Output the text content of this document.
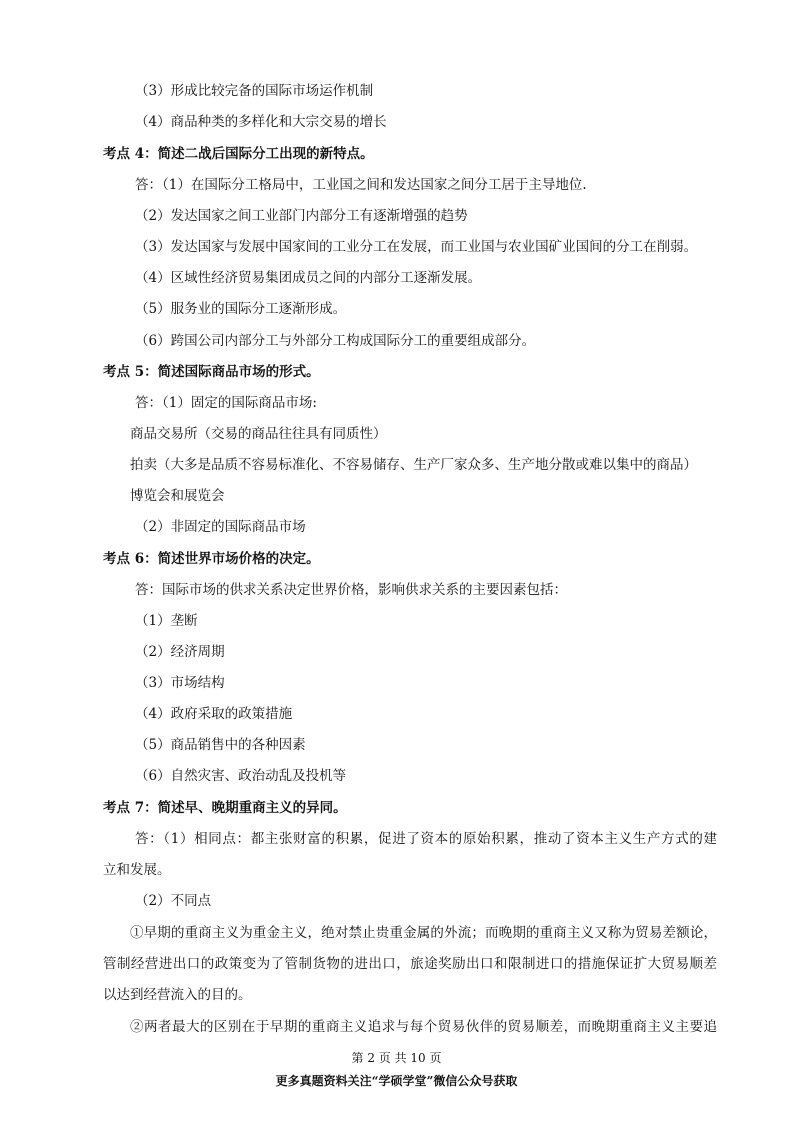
（3）形成比较完备的国际市场运作机制
（4）商品种类的多样化和大宗交易的增长
考点 4：简述二战后国际分工出现的新特点。
答：（1）在国际分工格局中，工业国之间和发达国家之间分工居于主导地位.
（2）发达国家之间工业部门内部分工有逐渐增强的趋势
（3）发达国家与发展中国家间的工业分工在发展，而工业国与农业国矿业国间的分工在削弱。
（4）区域性经济贸易集团成员之间的内部分工逐渐发展。
（5）服务业的国际分工逐渐形成。
（6）跨国公司内部分工与外部分工构成国际分工的重要组成部分。
考点 5：简述国际商品市场的形式。
答：（1）固定的国际商品市场:
商品交易所（交易的商品往往具有同质性）
拍卖（大多是品质不容易标准化、不容易储存、生产厂家众多、生产地分散或难以集中的商品）
博览会和展览会
（2）非固定的国际商品市场
考点 6：简述世界市场价格的决定。
答：国际市场的供求关系决定世界价格，影响供求关系的主要因素包括：
（1）垄断
（2）经济周期
（3）市场结构
（4）政府采取的政策措施
（5）商品销售中的各种因素
（6）自然灾害、政治动乱及投机等
考点 7：简述早、晚期重商主义的异同。
答：（1）相同点：都主张财富的积累，促进了资本的原始积累，推动了资本主义生产方式的建
立和发展。
（2）不同点
①早期的重商主义为重金主义，绝对禁止贵重金属的外流；而晚期的重商主义又称为贸易差额论，
管制经营进出口的政策变为了管制货物的进出口，旅途奖励出口和限制进口的措施保证扩大贸易顺差
以达到经营流入的目的。
②两者最大的区别在于早期的重商主义追求与每个贸易伙伴的贸易顺差，而晚期重商主义主要追
第 2 页 共 10 页
更多真题资料关注“学硕学堂”微信公众号获取
